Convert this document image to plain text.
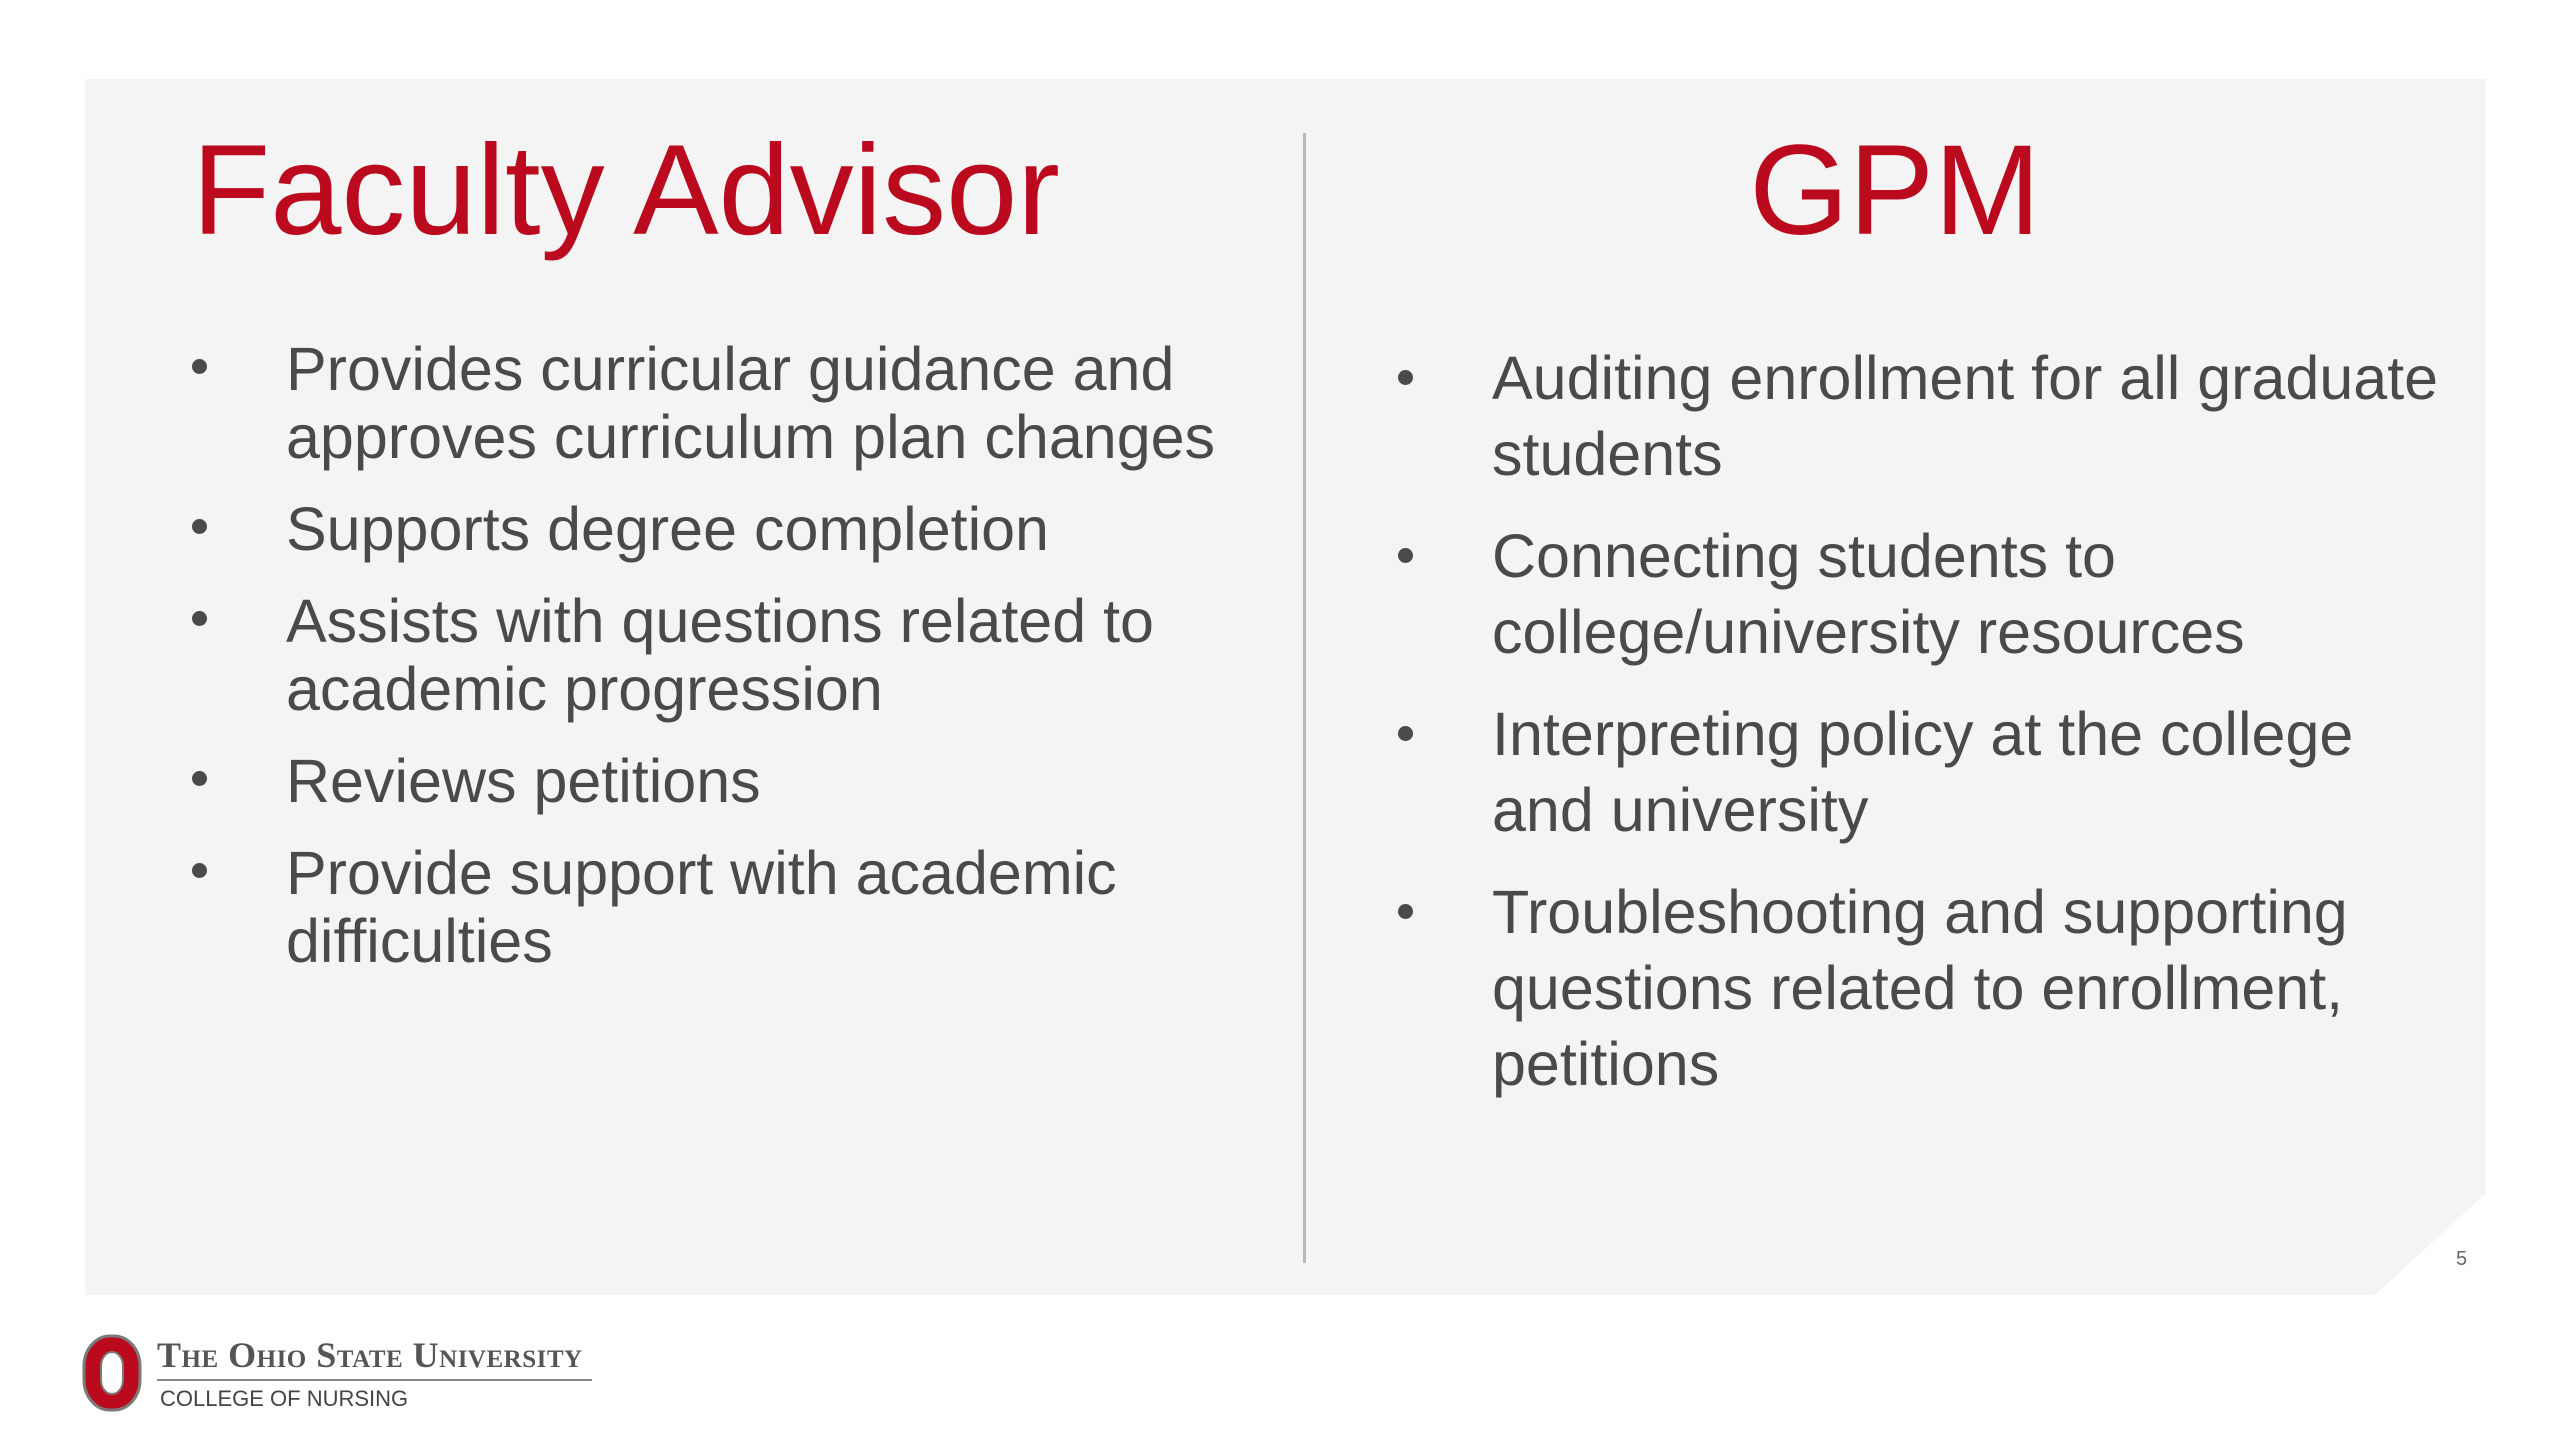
Faculty Advisor	GPM
Provides curricular guidance and approves curriculum plan changes
Supports degree completion
Assists with questions related to academic progression
Reviews petitions
Provide support with academic difficulties
Auditing enrollment for all graduate students
Connecting students to college/university resources
Interpreting policy at the college and university
Troubleshooting and supporting questions related to enrollment, petitions
5
The Ohio State University
COLLEGE OF NURSING
